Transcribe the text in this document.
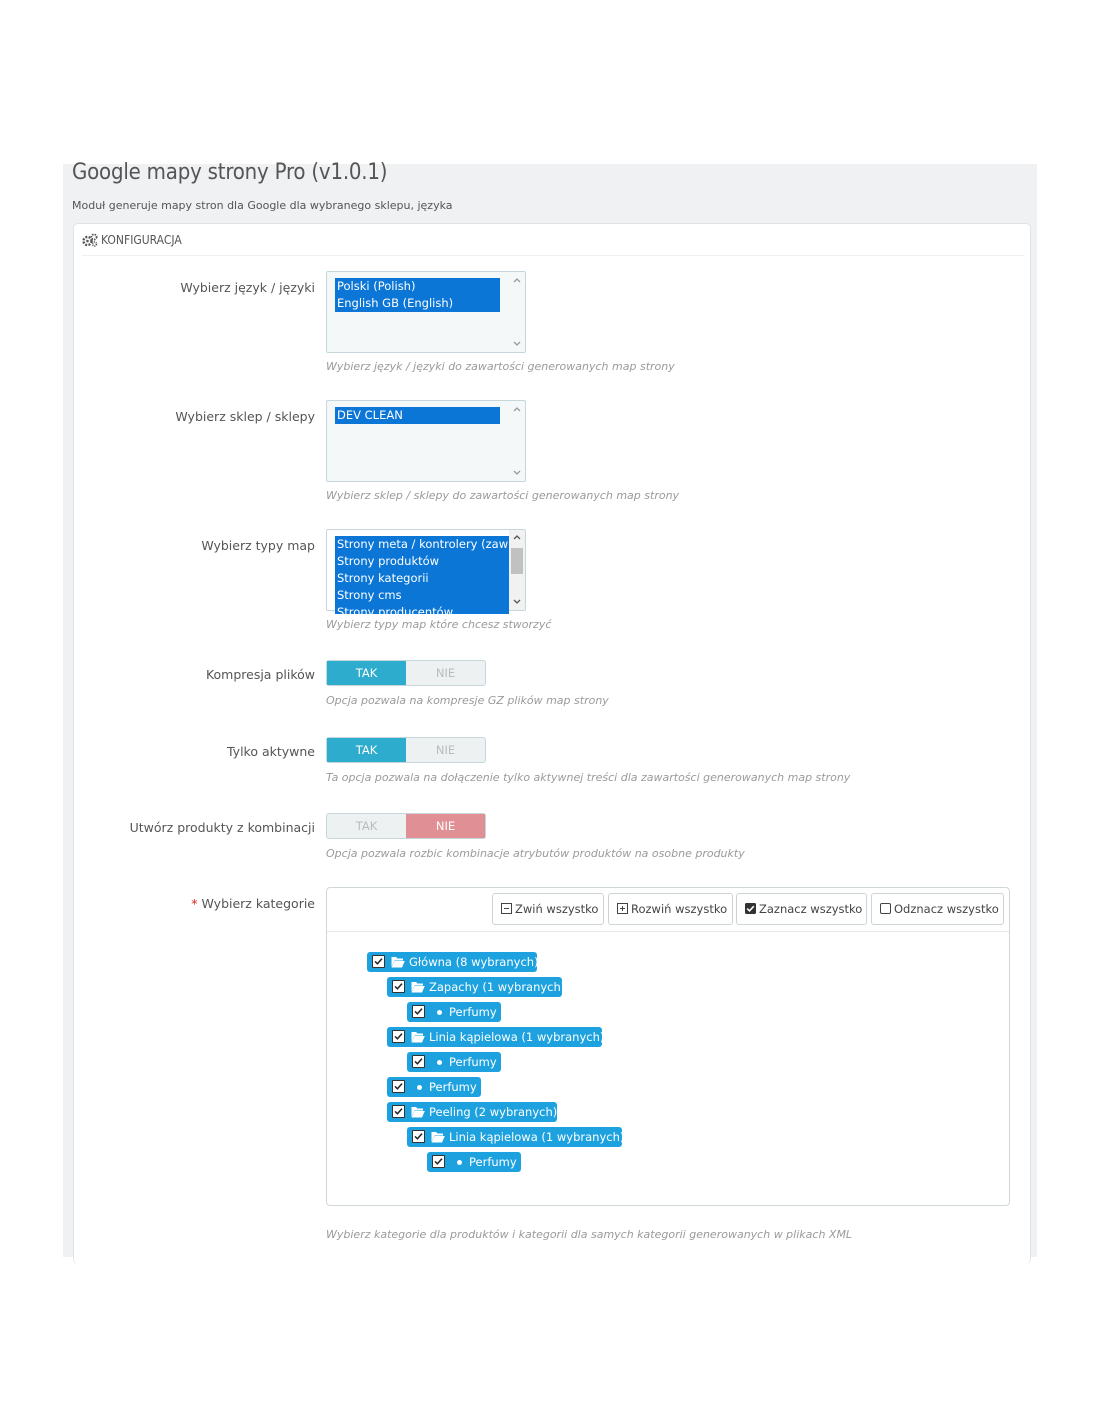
Google mapy strony Pro (v1.0.1)
Moduł generuje mapy stron dla Google dla wybranego sklepu, języka
KONFIGURACJA
Wybierz język / języki Polski (Polish)
English GB (English)
Wybierz język / języki do zawartości generowanych map strony
Wybierz sklep / sklepy DEV CLEAN
Wybierz sklep / sklepy do zawartości generowanych map strony
Wybierz typy map Strony meta / kontrolery (zaw
Strony produktów
Strony kategorii
Strony cms
Strony producentów
Wybierz typy map które chcesz stworzyć
Kompresja plików	TAK	NIE
Opcja pozwala na kompresje GZ plików map strony
Tylko aktywne	TAK	NIE
Ta opcja pozwala na dołączenie tylko aktywnej treści dla zawartości generowanych map strony
Utwórz produkty z kombinacji	TAK	NIE
Opcja pozwala rozbic kombinacje atrybutów produktów na osobne produkty
* Wybierz kategorie	Zwiń wszystko	Rozwiń wszystko	Zaznacz wszystko	Odznacz wszystko
Główna (8 wybranych)
Zapachy (1 wybranych)
Perfumy
Linia kąpielowa (1 wybranych)
Perfumy
Perfumy
Peeling (2 wybranych)
Linia kąpielowa (1 wybranych)
Perfumy
Wybierz kategorie dla produktów i kategorii dla samych kategorii generowanych w plikach XML
